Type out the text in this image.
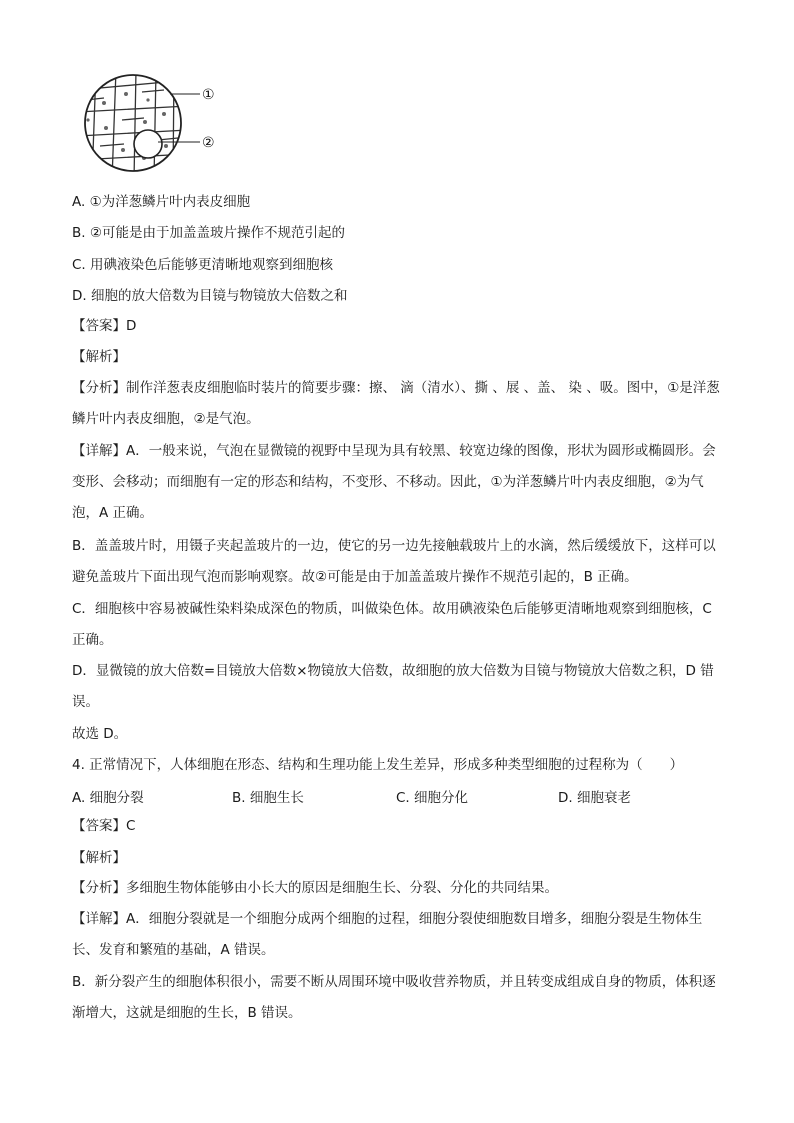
①
②
A. ①为洋葱鳞片叶内表皮细胞
B. ②可能是由于加盖盖玻片操作不规范引起的
C. 用碘液染色后能够更清晰地观察到细胞核
D. 细胞的放大倍数为目镜与物镜放大倍数之和
【答案】D
【解析】
【分析】制作洋葱表皮细胞临时装片的简要步骤：擦、 滴（清水）、撕 、展 、盖、 染 、吸。图中，①是洋葱鳞片叶内表皮细胞，②是气泡。
【详解】A．一般来说，气泡在显微镜的视野中呈现为具有较黑、较宽边缘的图像，形状为圆形或椭圆形。会变形、会移动；而细胞有一定的形态和结构，不变形、不移动。因此，①为洋葱鳞片叶内表皮细胞，②为气泡，A 正确。
B．盖盖玻片时，用镊子夹起盖玻片的一边，使它的另一边先接触载玻片上的水滴，然后缓缓放下，这样可以避免盖玻片下面出现气泡而影响观察。故②可能是由于加盖盖玻片操作不规范引起的，B 正确。
C．细胞核中容易被碱性染料染成深色的物质，叫做染色体。故用碘液染色后能够更清晰地观察到细胞核，C 正确。
D．显微镜的放大倍数=目镜放大倍数×物镜放大倍数，故细胞的放大倍数为目镜与物镜放大倍数之积，D 错误。
故选 D。
4. 正常情况下，人体细胞在形态、结构和生理功能上发生差异，形成多种类型细胞的过程称为（　　）
A. 细胞分裂	B. 细胞生长	C. 细胞分化	D. 细胞衰老
【答案】C
【解析】
【分析】多细胞生物体能够由小长大的原因是细胞生长、分裂、分化的共同结果。
【详解】A．细胞分裂就是一个细胞分成两个细胞的过程，细胞分裂使细胞数目增多，细胞分裂是生物体生长、发育和繁殖的基础，A 错误。
B．新分裂产生的细胞体积很小，需要不断从周围环境中吸收营养物质，并且转变成组成自身的物质，体积逐渐增大，这就是细胞的生长，B 错误。
